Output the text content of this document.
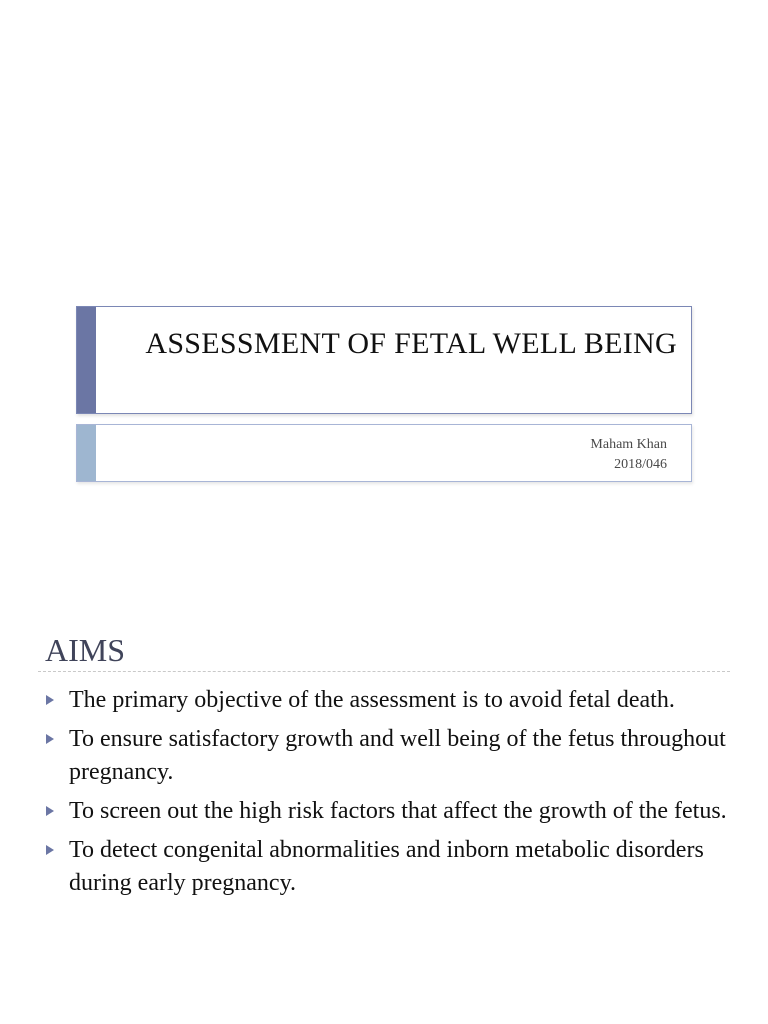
ASSESSMENT OF FETAL WELL BEING
Maham Khan
2018/046
AIMS
The primary objective of the assessment is to avoid fetal death.
To ensure satisfactory growth and well being of the fetus throughout pregnancy.
To screen out the high risk factors that affect the growth of the fetus.
To detect congenital abnormalities and inborn metabolic disorders during early pregnancy.
